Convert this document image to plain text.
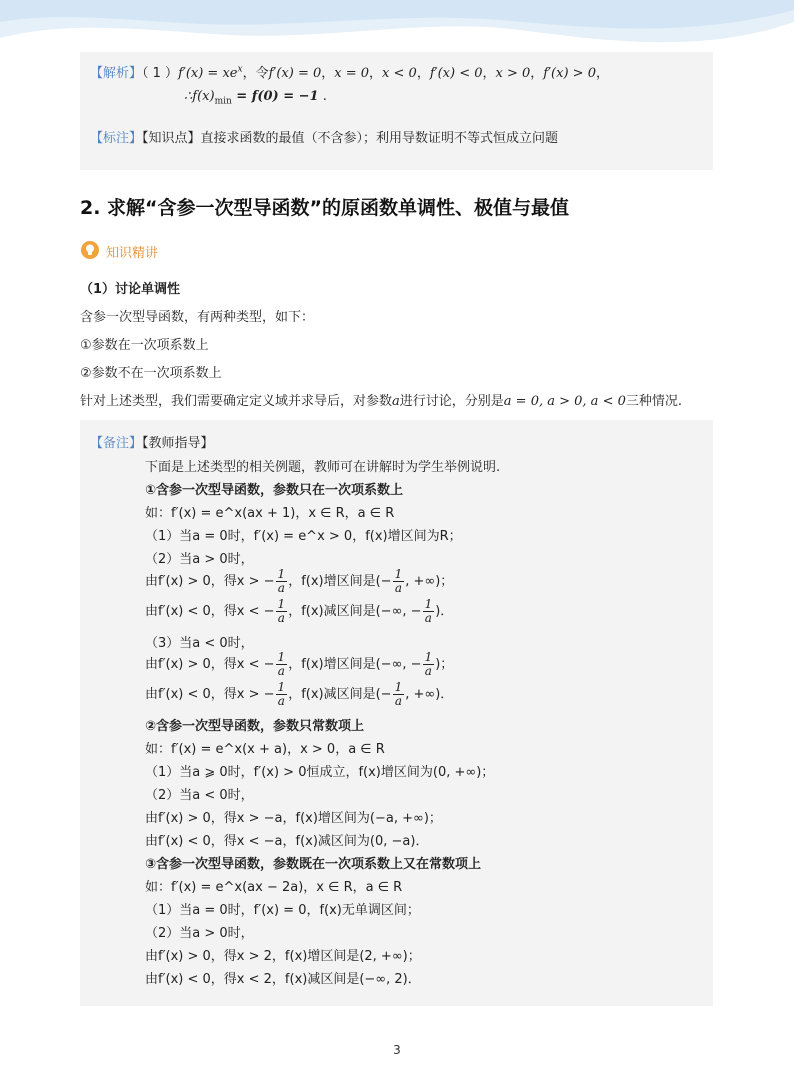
【解析】（ 1 ）$f'(x) = xe^x$，令f′(x) = 0，x = 0，x < 0，f′(x) < 0，x > 0，f′(x) > 0，
$\therefore f(x)_{min} = f(0) = -1$ .
【标注】【知识点】直接求函数的最值（不含参）；利用导数证明不等式恒成立问题
2. 求解“含参一次型导函数”的原函数单调性、极值与最值
知识精讲
（1）讨论单调性
含参一次型导函数，有两种类型，如下：
①参数在一次项系数上
②参数不在一次项系数上
针对上述类型，我们需要确定定义域并求导后，对参数a进行讨论，分别是a = 0, a > 0, a < 0三种情况.
【备注】【教师指导】
下面是上述类型的相关例题，教师可在讲解时为学生举例说明.
①含参一次型导函数，参数只在一次项系数上
如：f′(x) = e^x(ax + 1)，x ∈ R，a ∈ R
（1）当a = 0时，f′(x) = e^x > 0，f(x)增区间为R；
（2）当a > 0时，
由f′(x) > 0，得x > − $\frac{1}{a}$ ，f(x)增区间是(− $\frac{1}{a}$ , +∞)；
由f′(x) < 0，得x < − $\frac{1}{a}$ ，f(x)减区间是(−∞, − $\frac{1}{a}$ )．
（3）当a < 0时，
由f′(x) > 0，得x < − $\frac{1}{a}$ ，f(x)增区间是(−∞, − $\frac{1}{a}$ )；
由f′(x) < 0，得x > − $\frac{1}{a}$ ，f(x)减区间是(− $\frac{1}{a}$ , +∞)．
②含参一次型导函数，参数只常数项上
如：f′(x) = e^x(x + a)，x > 0，a ∈ R
（1）当a ⩾ 0时，f′(x) > 0恒成立，f(x)增区间为(0, +∞)；
（2）当a < 0时，
由f′(x) > 0，得x > −a，f(x)增区间为(−a, +∞)；
由f′(x) < 0，得x < −a，f(x)减区间为(0, −a)．
③含参一次型导函数，参数既在一次项系数上又在常数项上
如：f′(x) = e^x(ax − 2a)，x ∈ R，a ∈ R
（1）当a = 0时，f′(x) = 0，f(x)无单调区间；
（2）当a > 0时，
由f′(x) > 0，得x > 2，f(x)增区间是(2, +∞)；
由f′(x) < 0，得x < 2，f(x)减区间是(−∞, 2)．
3
